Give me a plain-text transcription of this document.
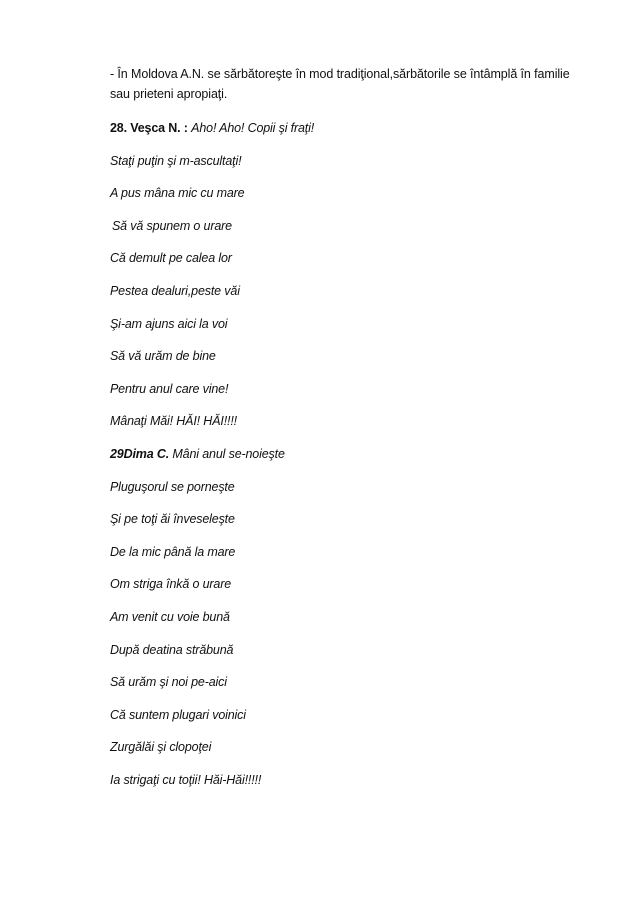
- În Moldova A.N. se sărbătoreşte în mod tradiţional,sărbătorile se întâmplă în familie sau prieteni apropiaţi.

28. Veşca N. : Aho! Aho! Copii şi fraţi!
Staţi puţin şi m-ascultaţi!
A pus mâna mic cu mare
Să vă spunem o urare
Că demult pe calea lor
Pestea dealuri,peste văi
Şi-am ajuns aici la voi
Să vă urăm de bine
Pentru anul care vine!
Mânaţi Măi! HĂI! HĂI!!!!
29Dima C. Mâni anul se-noieşte
Pluguşorul se porneşte
Şi pe toţi ăi înveseleşte
De la mic până la mare
Om striga înkă o urare
Am venit cu voie bună
După deatina străbună
Să urăm şi noi pe-aici
Că suntem plugari voinici
Zurgălăi şi clopoţei
Ia strigaţi cu toţii! Hăi-Hăi!!!!!
